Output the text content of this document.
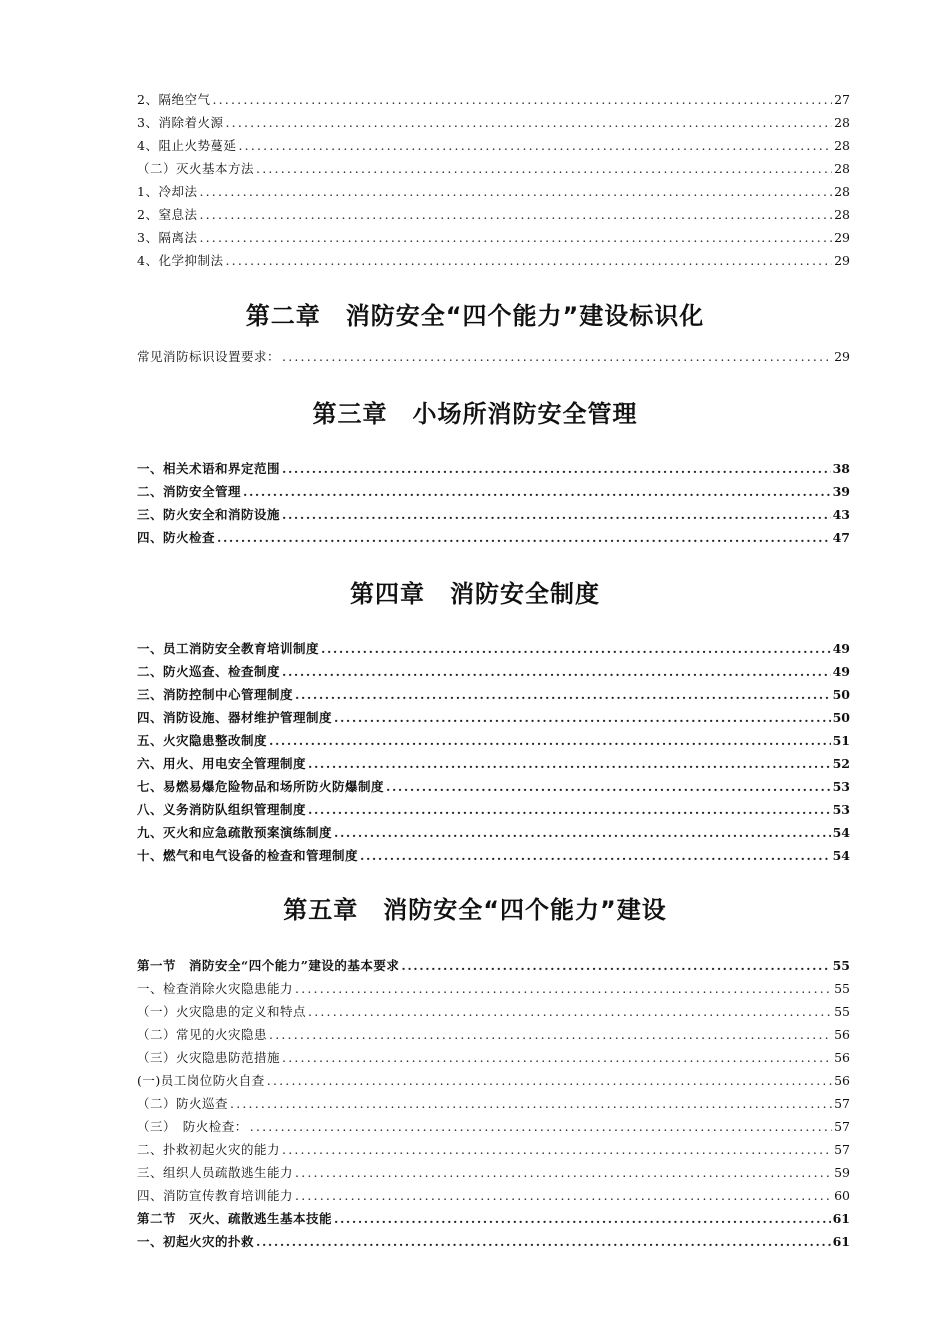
2、隔绝空气 .....	27
3、消除着火源 .....	28
4、阻止火势蔓延 .....	28
（二）灭火基本方法 .....	28
1、冷却法 .....	28
2、窒息法 .....	28
3、隔离法 .....	29
4、化学抑制法 .....	29
第二章　消防安全“四个能力”建设标识化
常见消防标识设置要求： .....	29
第三章　小场所消防安全管理
一、相关术语和界定范围 .....	38
二、消防安全管理 .....	39
三、防火安全和消防设施 .....	43
四、防火检查 .....	47
第四章　消防安全制度
一、员工消防安全教育培训制度 .....	49
二、防火巡查、检查制度 .....	49
三、消防控制中心管理制度 .....	50
四、消防设施、器材维护管理制度 .....	50
五、火灾隐患整改制度 .....	51
六、用火、用电安全管理制度 .....	52
七、易燃易爆危险物品和场所防火防爆制度 .....	53
八、义务消防队组织管理制度 .....	53
九、灭火和应急疏散预案演练制度 .....	54
十、燃气和电气设备的检查和管理制度 .....	54
第五章　消防安全“四个能力”建设
第一节　消防安全“四个能力”建设的基本要求 .....	55
一、检查消除火灾隐患能力 .....	55
（一）火灾隐患的定义和特点 .....	55
（二）常见的火灾隐患 .....	56
（三）火灾隐患防范措施 .....	56
(一)员工岗位防火自查 .....	56
（二）防火巡查 .....	57
（三）　防火检查： .....	57
二、扑救初起火灾的能力 .....	57
三、组织人员疏散逃生能力 .....	59
四、消防宣传教育培训能力 .....	60
第二节　灭火、疏散逃生基本技能 .....	61
一、初起火灾的扑救 .....	61
